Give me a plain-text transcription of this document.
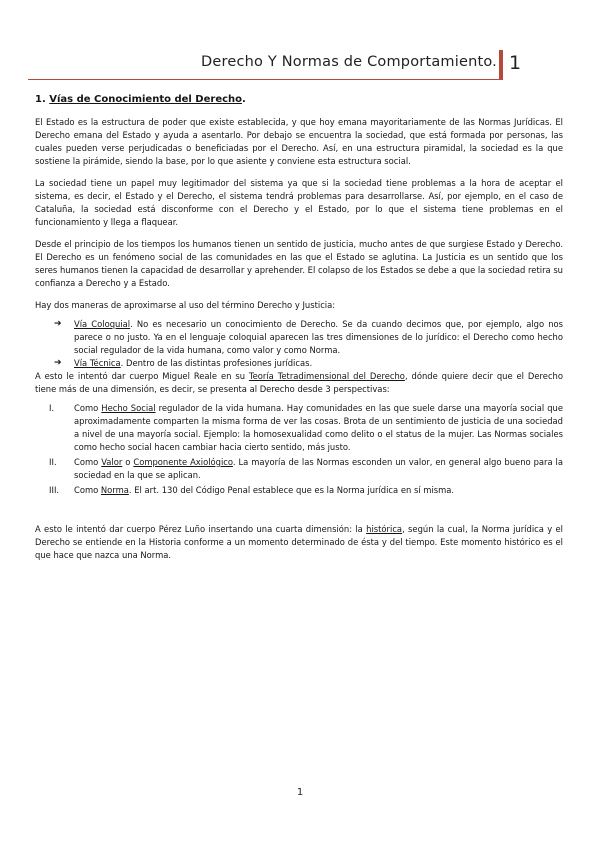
Derecho Y Normas de Comportamiento. 1
1. Vías de Conocimiento del Derecho.

El Estado es la estructura de poder que existe establecida, y que hoy emana mayoritariamente de las Normas Jurídicas. El Derecho emana del Estado y ayuda a asentarlo. Por debajo se encuentra la sociedad, que está formada por personas, las cuales pueden verse perjudicadas o beneficiadas por el Derecho. Así, en una estructura piramidal, la sociedad es la que sostiene la pirámide, siendo la base, por lo que asiente y conviene esta estructura social.

La sociedad tiene un papel muy legitimador del sistema ya que si la sociedad tiene problemas a la hora de aceptar el sistema, es decir, el Estado y el Derecho, el sistema tendrá problemas para desarrollarse. Así, por ejemplo, en el caso de Cataluña, la sociedad está disconforme con el Derecho y el Estado, por lo que el sistema tiene problemas en el funcionamiento y llega a flaquear.

Desde el principio de los tiempos los humanos tienen un sentido de justicia, mucho antes de que surgiese Estado y Derecho. El Derecho es un fenómeno social de las comunidades en las que el Estado se aglutina. La Justicia es un sentido que los seres humanos tienen la capacidad de desarrollar y aprehender. El colapso de los Estados se debe a que la sociedad retira su confianza a Derecho y a Estado.

Hay dos maneras de aproximarse al uso del término Derecho y Justicia:

➔ Vía Coloquial. No es necesario un conocimiento de Derecho. Se da cuando decimos que, por ejemplo, algo nos parece o no justo. Ya en el lenguaje coloquial aparecen las tres dimensiones de lo jurídico: el Derecho como hecho social regulador de la vida humana, como valor y como Norma.
➔ Vía Técnica. Dentro de las distintas profesiones jurídicas.

A esto le intentó dar cuerpo Miguel Reale en su Teoría Tetradimensional del Derecho, dónde quiere decir que el Derecho tiene más de una dimensión, es decir, se presenta al Derecho desde 3 perspectivas:

I. Como Hecho Social regulador de la vida humana. Hay comunidades en las que suele darse una mayoría social que aproximadamente comparten la misma forma de ver las cosas. Brota de un sentimiento de justicia de una sociedad a nivel de una mayoría social. Ejemplo: la homosexualidad como delito o el status de la mujer. Las Normas sociales como hecho social hacen cambiar hacia cierto sentido, más justo.
II. Como Valor o Componente Axiológico. La mayoría de las Normas esconden un valor, en general algo bueno para la sociedad en la que se aplican.
III. Como Norma. El art. 130 del Código Penal establece que es la Norma jurídica en sí misma.

A esto le intentó dar cuerpo Pérez Luño insertando una cuarta dimensión: la histórica, según la cual, la Norma jurídica y el Derecho se entiende en la Historia conforme a un momento determinado de ésta y del tiempo. Este momento histórico es el que hace que nazca una Norma.

1
